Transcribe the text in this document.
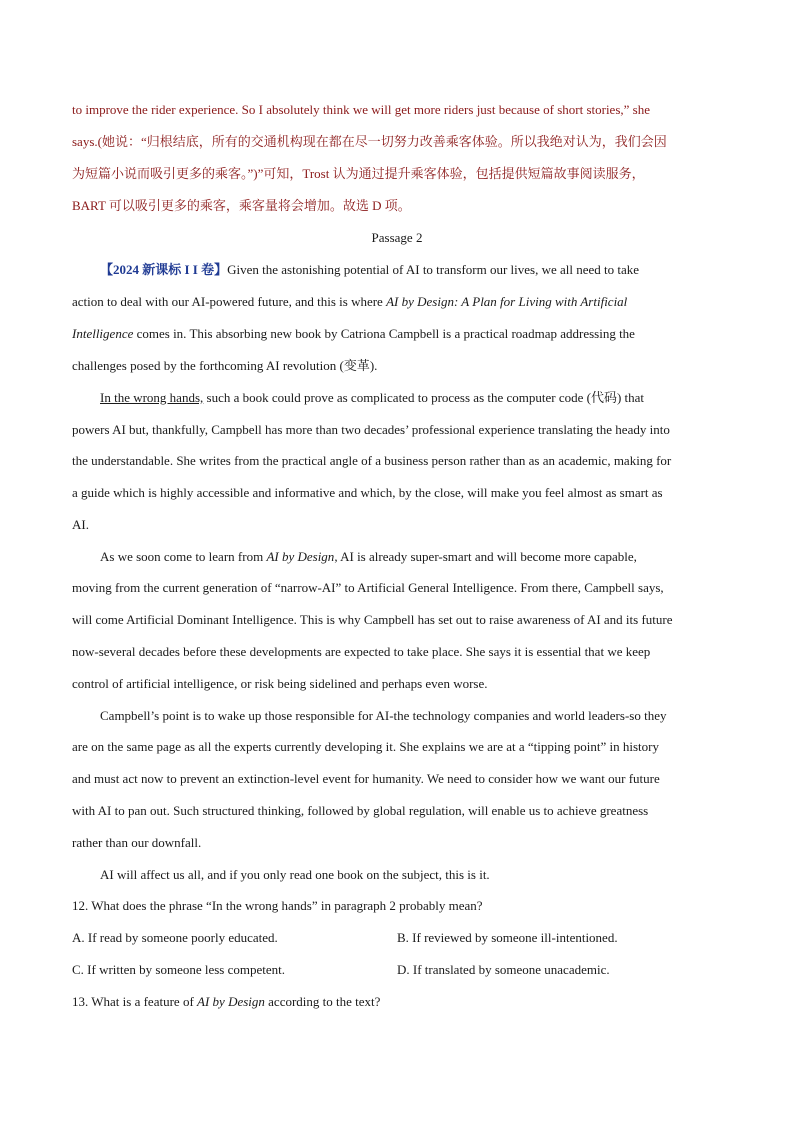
to improve the rider experience. So I absolutely think we will get more riders just because of short stories,” she
says.(她说：“归根结底，所有的交通机构现在都在尽一切努力改善乘客体验。所以我绝对认为，我们会因
为短篇小说而吸引更多的乘客。”)”可知，Trost 认为通过提升乘客体验，包括提供短篇故事阅读服务，
BART 可以吸引更多的乘客，乘客量将会增加。故选 D 项。
Passage 2
【2024 新课标 I I 卷】Given the astonishing potential of AI to transform our lives, we all need to take
action to deal with our AI-powered future, and this is where AI by Design: A Plan for Living with Artificial
Intelligence comes in. This absorbing new book by Catriona Campbell is a practical roadmap addressing the
challenges posed by the forthcoming AI revolution (变革).
In the wrong hands, such a book could prove as complicated to process as the computer code (代码) that
powers AI but, thankfully, Campbell has more than two decades’ professional experience translating the heady into
the understandable. She writes from the practical angle of a business person rather than as an academic, making for
a guide which is highly accessible and informative and which, by the close, will make you feel almost as smart as
AI.
As we soon come to learn from AI by Design, AI is already super-smart and will become more capable,
moving from the current generation of “narrow-AI” to Artificial General Intelligence. From there, Campbell says,
will come Artificial Dominant Intelligence. This is why Campbell has set out to raise awareness of AI and its future
now-several decades before these developments are expected to take place. She says it is essential that we keep
control of artificial intelligence, or risk being sidelined and perhaps even worse.
Campbell’s point is to wake up those responsible for AI-the technology companies and world leaders-so they
are on the same page as all the experts currently developing it. She explains we are at a “tipping point” in history
and must act now to prevent an extinction-level event for humanity. We need to consider how we want our future
with AI to pan out. Such structured thinking, followed by global regulation, will enable us to achieve greatness
rather than our downfall.
AI will affect us all, and if you only read one book on the subject, this is it.
12. What does the phrase “In the wrong hands” in paragraph 2 probably mean?
A. If read by someone poorly educated.	B. If reviewed by someone ill-intentioned.
C. If written by someone less competent.	D. If translated by someone unacademic.
13. What is a feature of AI by Design according to the text?
